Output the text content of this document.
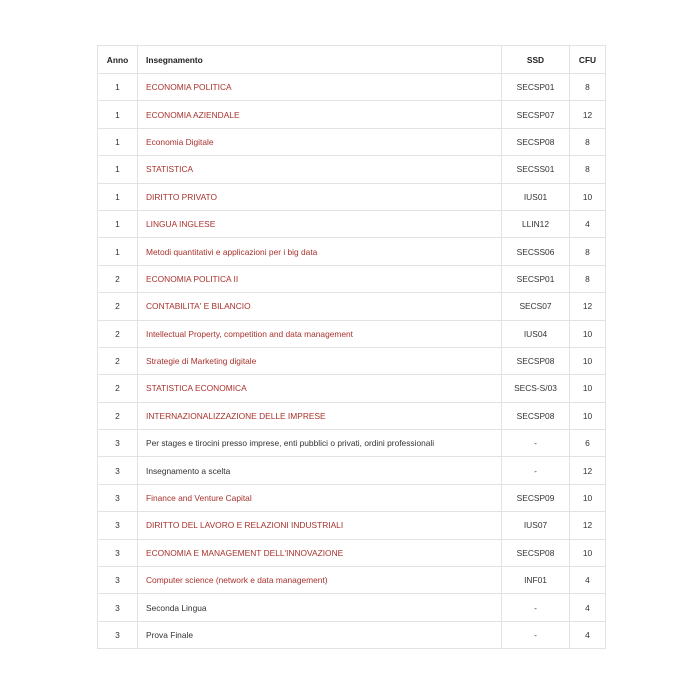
Anno	Insegnamento	SSD	CFU
1	ECONOMIA POLITICA	SECSP01	8
1	ECONOMIA AZIENDALE	SECSP07	12
1	Economia Digitale	SECSP08	8
1	STATISTICA	SECSS01	8
1	DIRITTO PRIVATO	IUS01	10
1	LINGUA INGLESE	LLIN12	4
1	Metodi quantitativi e applicazioni per i big data	SECSS06	8
2	ECONOMIA POLITICA II	SECSP01	8
2	CONTABILITA' E BILANCIO	SECS07	12
2	Intellectual Property, competition and data management	IUS04	10
2	Strategie di Marketing digitale	SECSP08	10
2	STATISTICA ECONOMICA	SECS-S/03	10
2	INTERNAZIONALIZZAZIONE DELLE IMPRESE	SECSP08	10
3	Per stages e tirocini presso imprese, enti pubblici o privati, ordini professionali	-	6
3	Insegnamento a scelta	-	12
3	Finance and Venture Capital	SECSP09	10
3	DIRITTO DEL LAVORO E RELAZIONI INDUSTRIALI	IUS07	12
3	ECONOMIA E MANAGEMENT DELL'INNOVAZIONE	SECSP08	10
3	Computer science (network e data management)	INF01	4
3	Seconda Lingua	-	4
3	Prova Finale	-	4
